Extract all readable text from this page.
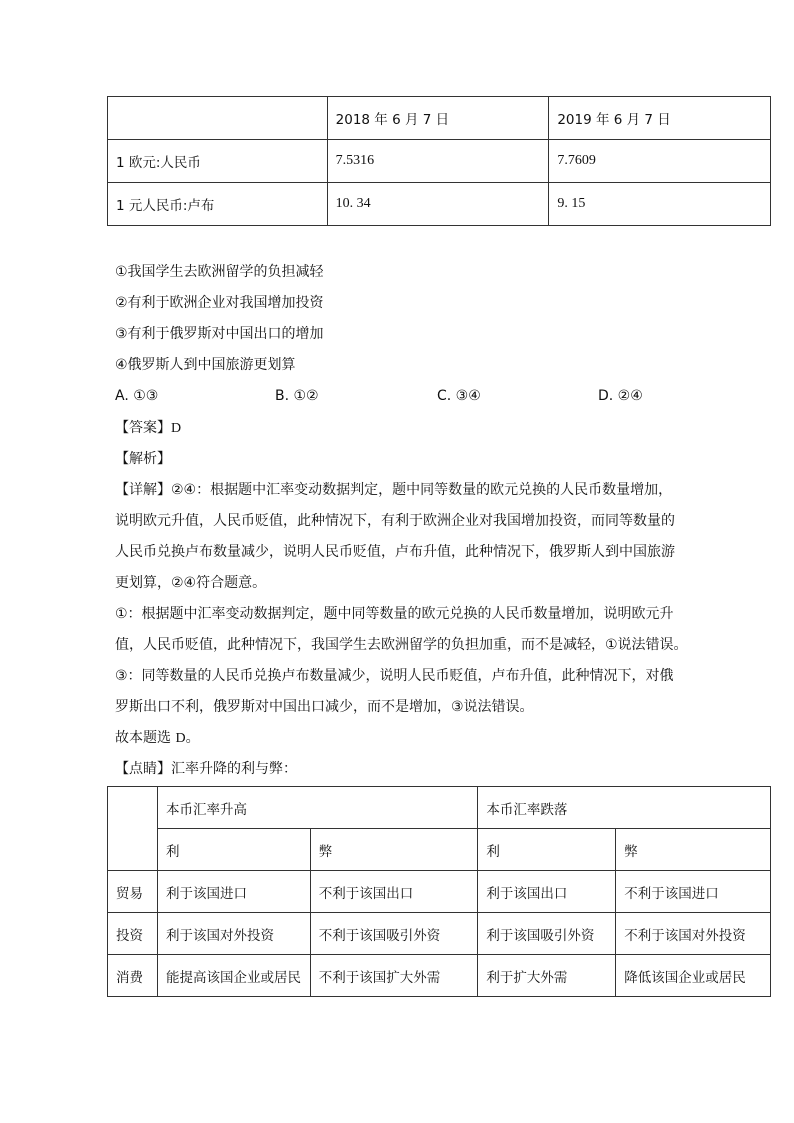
	2018 年 6 月 7 日	2019 年 6 月 7 日
1 欧元:人民币	7.5316	7.7609
1 元人民币:卢布	10. 34	9. 15
①我国学生去欧洲留学的负担减轻
②有利于欧洲企业对我国增加投资
③有利于俄罗斯对中国出口的增加
④俄罗斯人到中国旅游更划算
A. ①③	B. ①②	C. ③④	D. ②④
【答案】D
【解析】
【详解】②④：根据题中汇率变动数据判定，题中同等数量的欧元兑换的人民币数量增加，
说明欧元升值，人民币贬值，此种情况下，有利于欧洲企业对我国增加投资，而同等数量的
人民币兑换卢布数量减少，说明人民币贬值，卢布升值，此种情况下，俄罗斯人到中国旅游
更划算，②④符合题意。
①：根据题中汇率变动数据判定，题中同等数量的欧元兑换的人民币数量增加，说明欧元升
值，人民币贬值，此种情况下，我国学生去欧洲留学的负担加重，而不是减轻，①说法错误。
③：同等数量的人民币兑换卢布数量减少，说明人民币贬值，卢布升值，此种情况下，对俄
罗斯出口不利，俄罗斯对中国出口减少，而不是增加，③说法错误。
故本题选 D。
【点睛】汇率升降的利与弊：
	本币汇率升高		本币汇率跌落	
	利	弊	利	弊
贸易	利于该国进口	不利于该国出口	利于该国出口	不利于该国进口
投资	利于该国对外投资	不利于该国吸引外资	利于该国吸引外资	不利于该国对外投资
消费	能提高该国企业或居民	不利于该国扩大外需	利于扩大外需	降低该国企业或居民
